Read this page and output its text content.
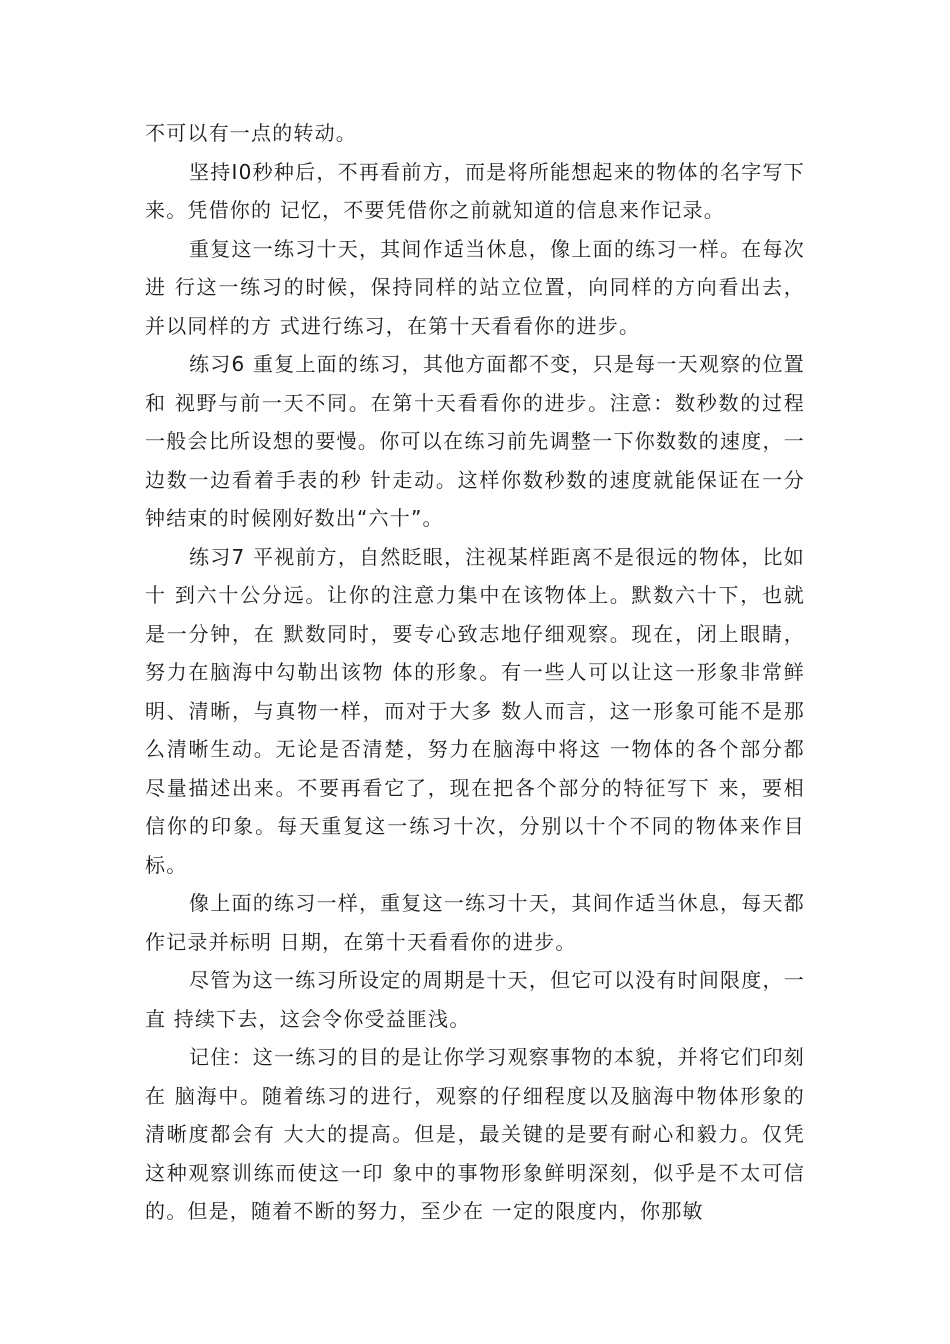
不可以有一点的转动。

坚持I0秒种后，不再看前方，而是将所能想起来的物体的名字写下来。凭借你的 记忆，不要凭借你之前就知道的信息来作记录。

重复这一练习十天，其间作适当休息，像上面的练习一样。在每次进 行这一练习的时候，保持同样的站立位置，向同样的方向看出去，并以同样的方 式进行练习，在第十天看看你的进步。

练习6 重复上面的练习，其他方面都不变，只是每一天观察的位置和 视野与前一天不同。在第十天看看你的进步。注意：数秒数的过程一般会比所设想的要慢。你可以在练习前先调整一下你数数的速度，一边数一边看着手表的秒 针走动。这样你数秒数的速度就能保证在一分钟结束的时候刚好数出“六十”。

练习7 平视前方，自然眨眼，注视某样距离不是很远的物体，比如十 到六十公分远。让你的注意力集中在该物体上。默数六十下，也就是一分钟，在 默数同时，要专心致志地仔细观察。现在，闭上眼睛，努力在脑海中勾勒出该物 体的形象。有一些人可以让这一形象非常鲜明、清晰，与真物一样，而对于大多 数人而言，这一形象可能不是那么清晰生动。无论是否清楚，努力在脑海中将这 一物体的各个部分都尽量描述出来。不要再看它了，现在把各个部分的特征写下 来，要相信你的印象。每天重复这一练习十次，分别以十个不同的物体来作目标。

像上面的练习一样，重复这一练习十天，其间作适当休息，每天都作记录并标明 日期，在第十天看看你的进步。

尽管为这一练习所设定的周期是十天，但它可以没有时间限度，一直 持续下去，这会令你受益匪浅。

记住：这一练习的目的是让你学习观察事物的本貌，并将它们印刻在 脑海中。随着练习的进行，观察的仔细程度以及脑海中物体形象的清晰度都会有 大大的提高。但是，最关键的是要有耐心和毅力。仅凭这种观察训练而使这一印 象中的事物形象鲜明深刻，似乎是不太可信的。但是，随着不断的努力，至少在 一定的限度内，你那敏
